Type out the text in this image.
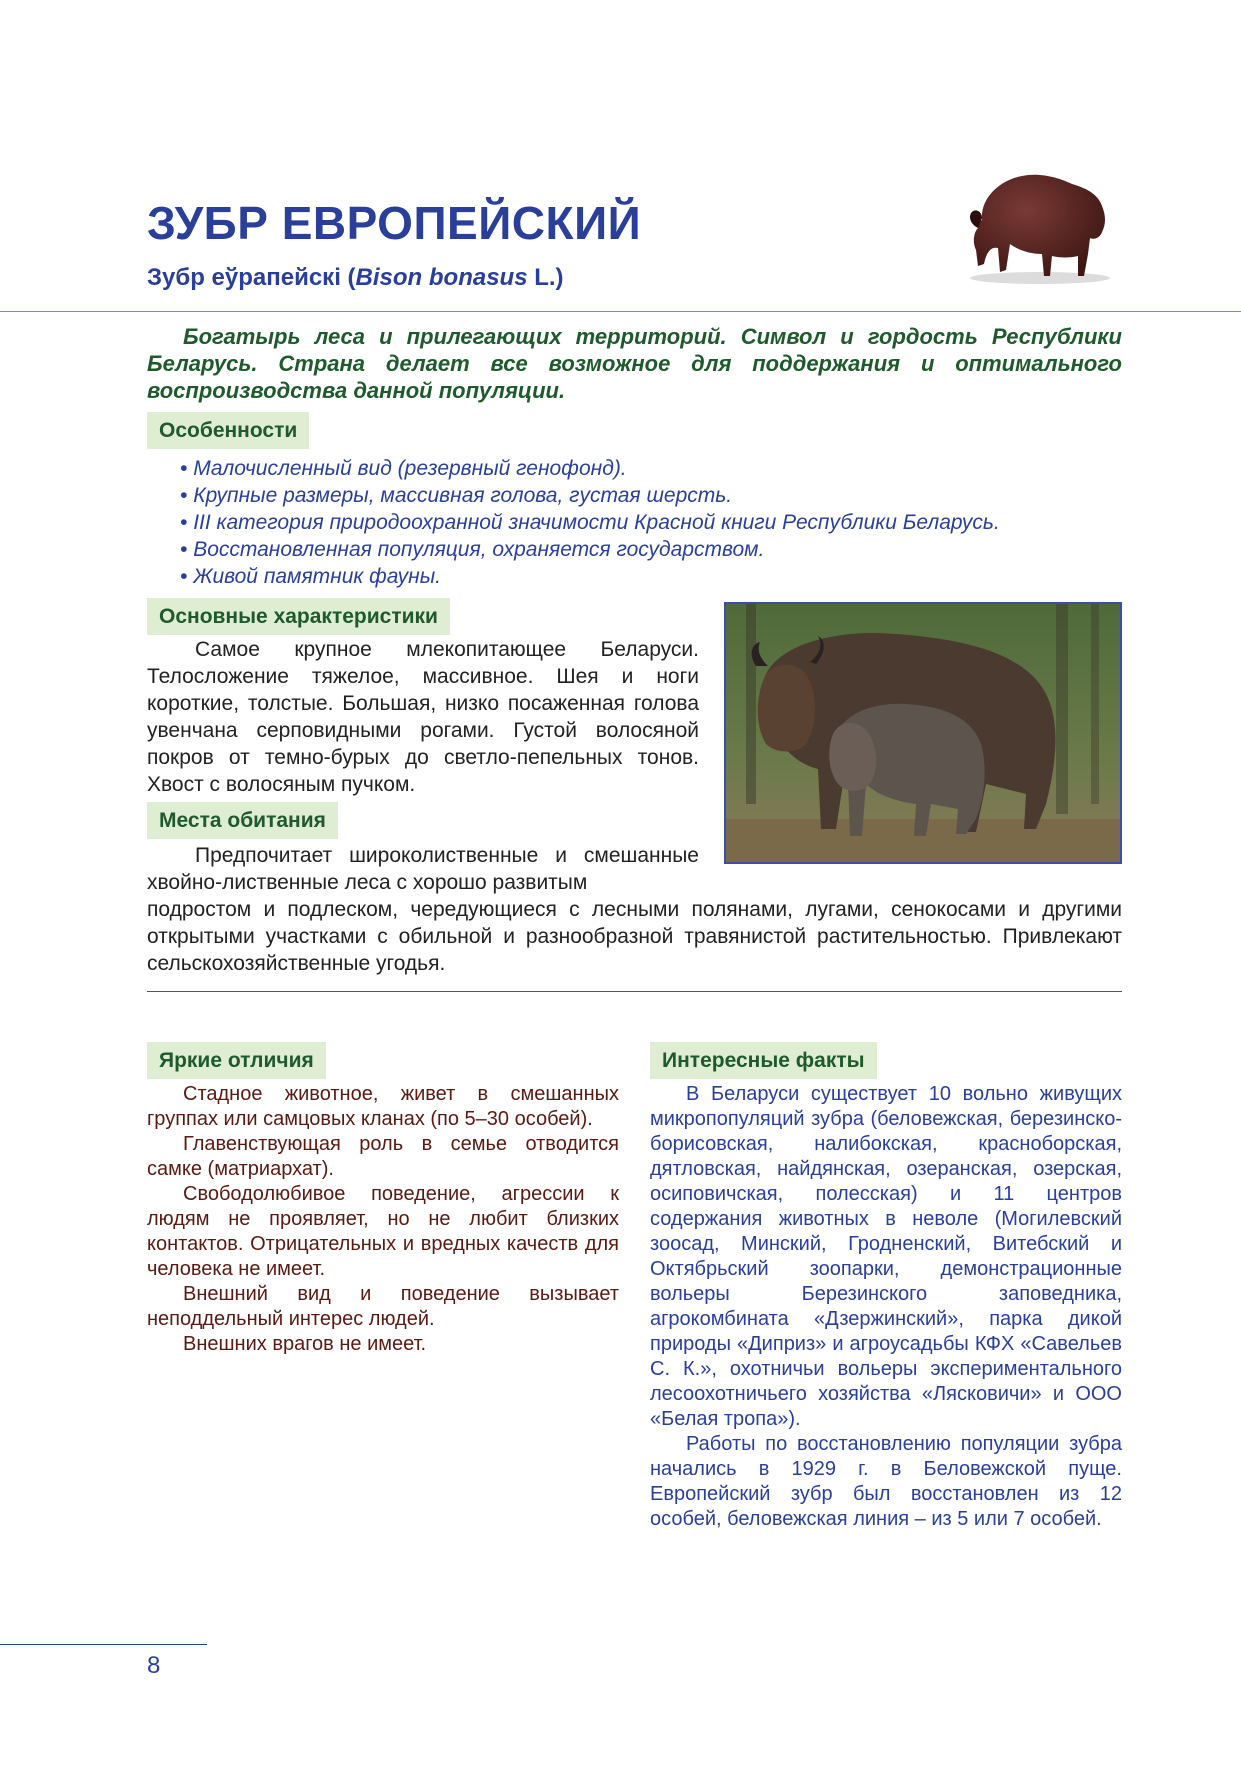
ЗУБР ЕВРОПЕЙСКИЙ

Зубр еўрапейскі (Bison bonasus L.)

Богатырь леса и прилегающих территорий. Символ и гордость Республики Беларусь. Страна делает все возможное для поддержания и оптимального воспроизводства данной популяции.

Особенности
• Малочисленный вид (резервный генофонд).
• Крупные размеры, массивная голова, густая шерсть.
• III категория природоохранной значимости Красной книги Республики Беларусь.
• Восстановленная популяция, охраняется государством.
• Живой памятник фауны.
Основные характеристики

Самое крупное млекопитающее Беларуси. Телосложение тяжелое, массивное. Шея и ноги короткие, толстые. Большая, низко посаженная голова увенчана серповидными рогами. Густой волосяной покров от темно-бурых до светло-пепельных тонов. Хвост с волосяным пучком.

Места обитания

Предпочитает широколиственные и смешанные хвойно-лиственные леса с хорошо развитым

подростом и подлеском, чередующиеся с лесными полянами, лугами, сенокосами и другими открытыми участками с обильной и разнообразной травянистой растительностью. Привлекают сельскохозяйственные угодья.

Яркие отличия

Стадное животное, живет в смешанных группах или самцовых кланах (по 5–30 особей).

Главенствующая роль в семье отводится самке (матриархат).

Свободолюбивое поведение, агрессии к людям не проявляет, но не любит близких контактов. Отрицательных и вредных качеств для человека не имеет.

Внешний вид и поведение вызывает неподдельный интерес людей.

Внешних врагов не имеет.

Интересные факты

В Беларуси существует 10 вольно живущих микропопуляций зубра (беловежская, березинско-борисовская, налибокская, красноборская, дятловская, найдянская, озеранская, озерская, осиповичская, полесская) и 11 центров содержания животных в неволе (Могилевский зоосад, Минский, Гродненский, Витебский и Октябрьский зоопарки, демонстрационные вольеры Березинского заповедника, агрокомбината «Дзержинский», парка дикой природы «Диприз» и агроусадьбы КФХ «Савельев С. К.», охотничьи вольеры экспериментального лесоохотничьего хозяйства «Лясковичи» и ООО «Белая тропа»).

Работы по восстановлению популяции зубра начались в 1929 г. в Беловежской пуще. Европейский зубр был восстановлен из 12 особей, беловежская линия – из 5 или 7 особей.

8
